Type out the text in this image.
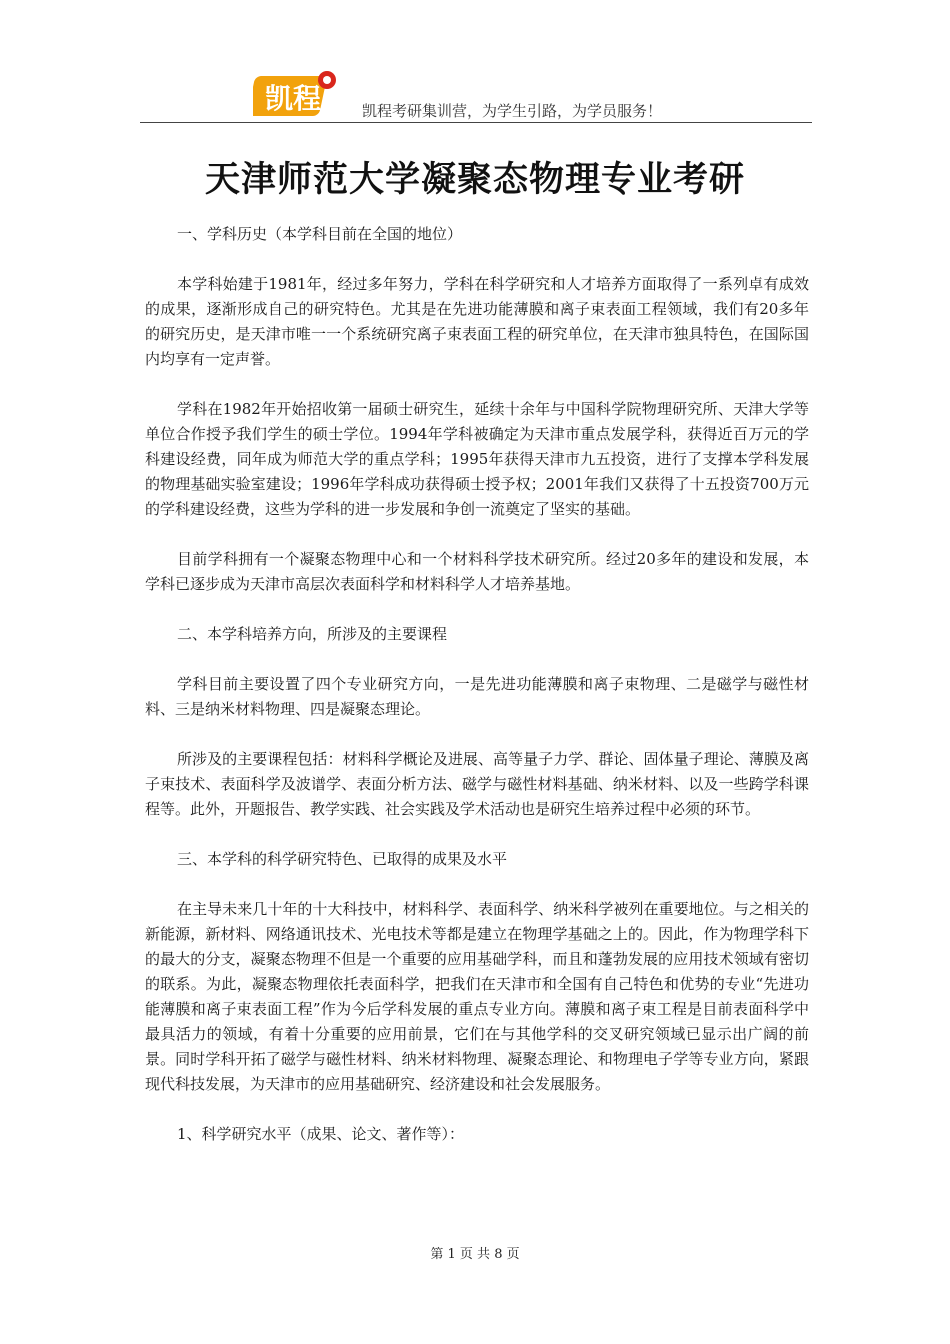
凯程	凯程考研集训营，为学生引路，为学员服务！
天津师范大学凝聚态物理专业考研

一、学科历史（本学科目前在全国的地位）

本学科始建于1981年，经过多年努力，学科在科学研究和人才培养方面取得了一系列卓有成效的成果，逐渐形成自己的研究特色。尤其是在先进功能薄膜和离子束表面工程领域，我们有20多年的研究历史，是天津市唯一一个系统研究离子束表面工程的研究单位，在天津市独具特色，在国际国内均享有一定声誉。

学科在1982年开始招收第一届硕士研究生，延续十余年与中国科学院物理研究所、天津大学等单位合作授予我们学生的硕士学位。1994年学科被确定为天津市重点发展学科，获得近百万元的学科建设经费，同年成为师范大学的重点学科；1995年获得天津市九五投资，进行了支撑本学科发展的物理基础实验室建设；1996年学科成功获得硕士授予权；2001年我们又获得了十五投资700万元的学科建设经费，这些为学科的进一步发展和争创一流奠定了坚实的基础。

目前学科拥有一个凝聚态物理中心和一个材料科学技术研究所。经过20多年的建设和发展，本学科已逐步成为天津市高层次表面科学和材料科学人才培养基地。

二、本学科培养方向，所涉及的主要课程

学科目前主要设置了四个专业研究方向，一是先进功能薄膜和离子束物理、二是磁学与磁性材料、三是纳米材料物理、四是凝聚态理论。

所涉及的主要课程包括：材料科学概论及进展、高等量子力学、群论、固体量子理论、薄膜及离子束技术、表面科学及波谱学、表面分析方法、磁学与磁性材料基础、纳米材料、以及一些跨学科课程等。此外，开题报告、教学实践、社会实践及学术活动也是研究生培养过程中必须的环节。

三、本学科的科学研究特色、已取得的成果及水平

在主导未来几十年的十大科技中，材料科学、表面科学、纳米科学被列在重要地位。与之相关的新能源，新材料、网络通讯技术、光电技术等都是建立在物理学基础之上的。因此，作为物理学科下的最大的分支，凝聚态物理不但是一个重要的应用基础学科，而且和蓬勃发展的应用技术领域有密切的联系。为此，凝聚态物理依托表面科学，把我们在天津市和全国有自己特色和优势的专业“先进功能薄膜和离子束表面工程”作为今后学科发展的重点专业方向。薄膜和离子束工程是目前表面科学中最具活力的领域，有着十分重要的应用前景，它们在与其他学科的交叉研究领域已显示出广阔的前景。同时学科开拓了磁学与磁性材料、纳米材料物理、凝聚态理论、和物理电子学等专业方向，紧跟现代科技发展，为天津市的应用基础研究、经济建设和社会发展服务。

1、科学研究水平（成果、论文、著作等）：

第 1 页 共 8 页
